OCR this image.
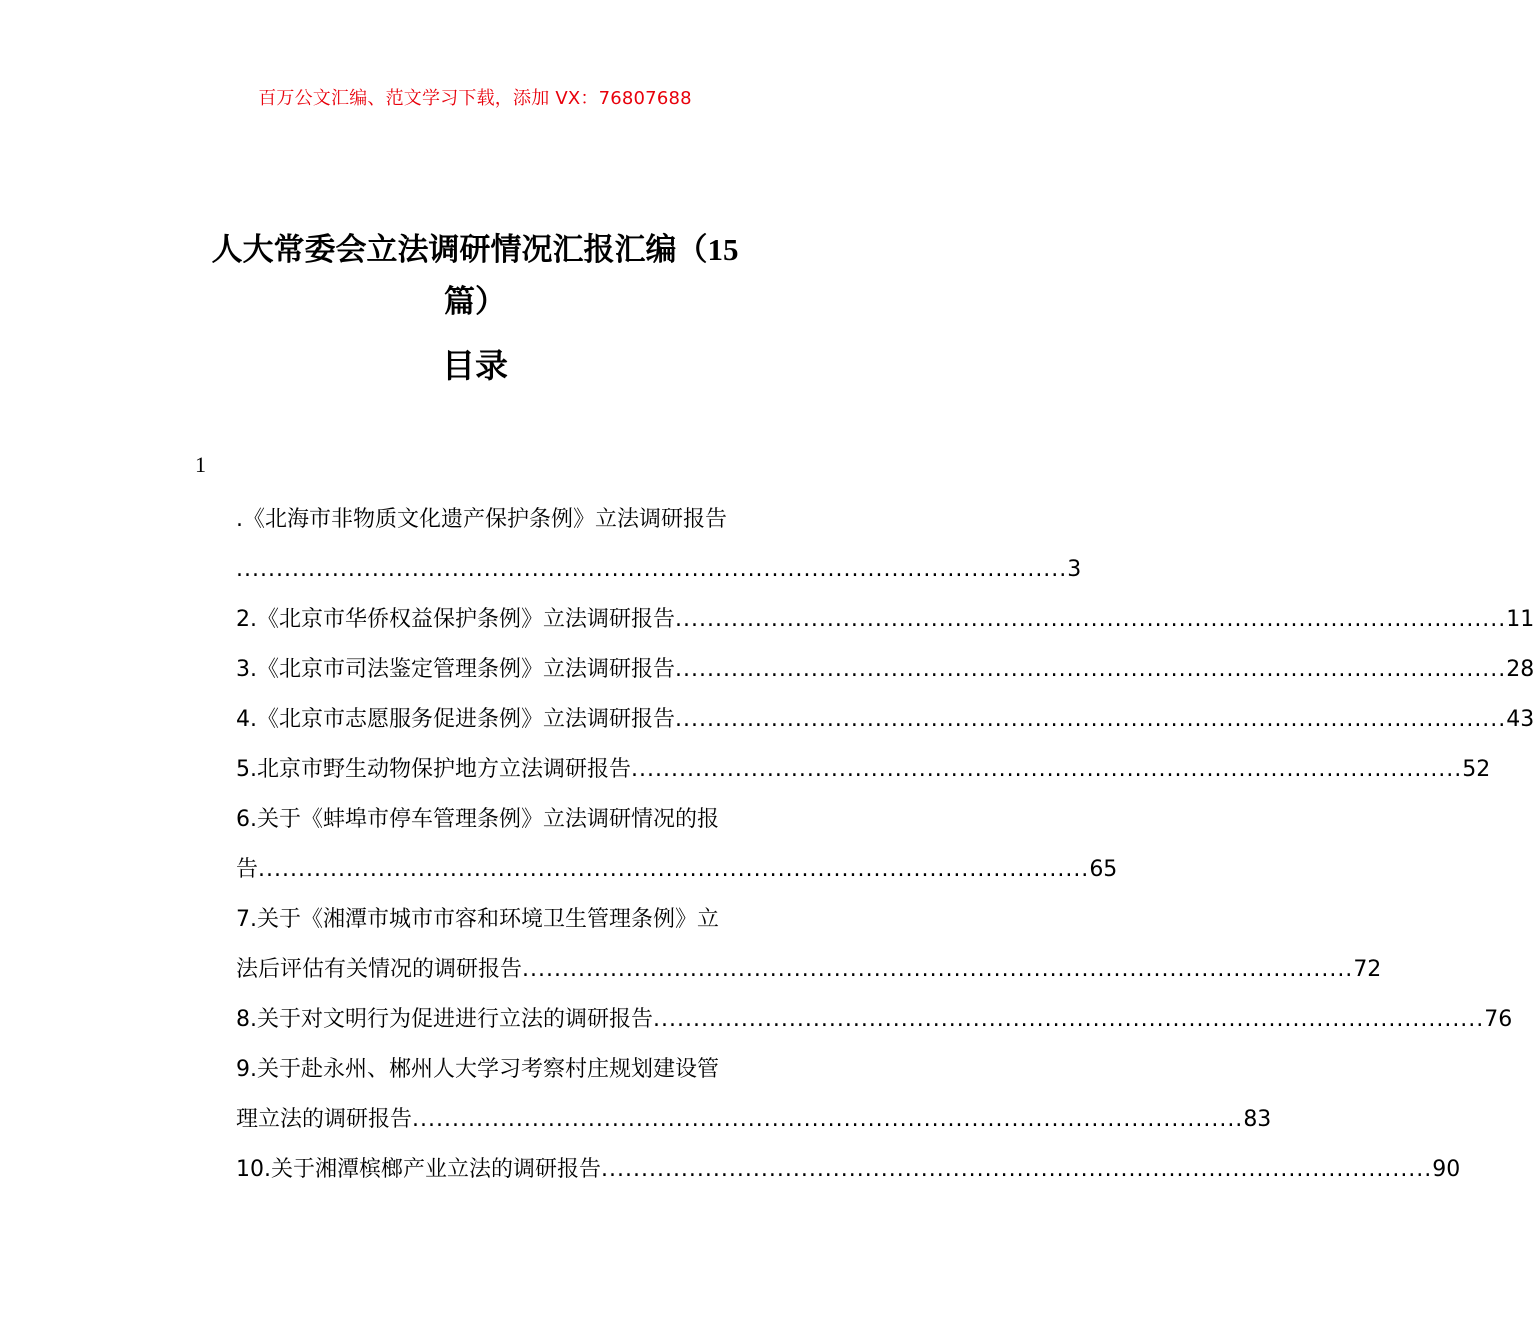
百万公文汇编、范文学习下载，添加 VX：76807688
人大常委会立法调研情况汇报汇编（15
篇）
目录
1
.《北海市非物质文化遗产保护条例》立法调研报告
........................................................................................................ 3
2.《北京市华侨权益保护条例》立法调研报告 ........................................................................................................ 11
3.《北京市司法鉴定管理条例》立法调研报告 ........................................................................................................ 28
4.《北京市志愿服务促进条例》立法调研报告 ........................................................................................................ 43
5.北京市野生动物保护地方立法调研报告 ........................................................................................................ 52
6.关于《蚌埠市停车管理条例》立法调研情况的报
告 ........................................................................................................ 65
7.关于《湘潭市城市市容和环境卫生管理条例》立
法后评估有关情况的调研报告 ........................................................................................................ 72
8.关于对文明行为促进进行立法的调研报告 ........................................................................................................ 76
9.关于赴永州、郴州人大学习考察村庄规划建设管
理立法的调研报告 ........................................................................................................ 83
10.关于湘潭槟榔产业立法的调研报告 ........................................................................................................ 90
